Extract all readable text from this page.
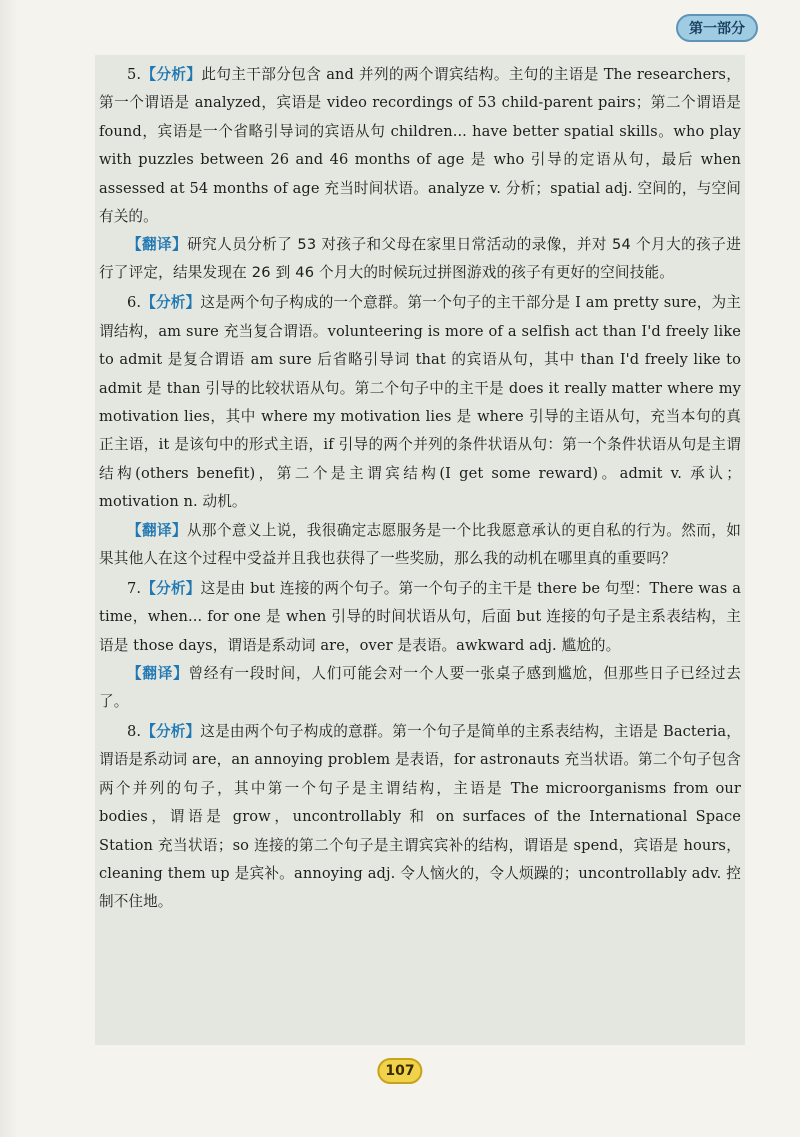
第一部分

5.【分析】此句主干部分包含 and 并列的两个谓宾结构。主句的主语是 The researchers，第一个谓语是 analyzed，宾语是 video recordings of 53 child-parent pairs；第二个谓语是 found，宾语是一个省略引导词的宾语从句 children... have better spatial skills。who play with puzzles between 26 and 46 months of age 是 who 引导的定语从句，最后 when assessed at 54 months of age 充当时间状语。analyze v. 分析；spatial adj. 空间的，与空间有关的。

【翻译】研究人员分析了 53 对孩子和父母在家里日常活动的录像，并对 54 个月大的孩子进行了评定，结果发现在 26 到 46 个月大的时候玩过拼图游戏的孩子有更好的空间技能。

6.【分析】这是两个句子构成的一个意群。第一个句子的主干部分是 I am pretty sure，为主谓结构，am sure 充当复合谓语。volunteering is more of a selfish act than I'd freely like to admit 是复合谓语 am sure 后省略引导词 that 的宾语从句，其中 than I'd freely like to admit 是 than 引导的比较状语从句。第二个句子中的主干是 does it really matter where my motivation lies，其中 where my motivation lies 是 where 引导的主语从句，充当本句的真正主语，it 是该句中的形式主语，if 引导的两个并列的条件状语从句：第一个条件状语从句是主谓结构(others benefit)，第二个是主谓宾结构(I get some reward)。admit v. 承认；motivation n. 动机。

【翻译】从那个意义上说，我很确定志愿服务是一个比我愿意承认的更自私的行为。然而，如果其他人在这个过程中受益并且我也获得了一些奖励，那么我的动机在哪里真的重要吗？

7.【分析】这是由 but 连接的两个句子。第一个句子的主干是 there be 句型：There was a time，when... for one 是 when 引导的时间状语从句，后面 but 连接的句子是主系表结构，主语是 those days，谓语是系动词 are，over 是表语。awkward adj. 尴尬的。

【翻译】曾经有一段时间，人们可能会对一个人要一张桌子感到尴尬，但那些日子已经过去了。

8.【分析】这是由两个句子构成的意群。第一个句子是简单的主系表结构，主语是 Bacteria，谓语是系动词 are，an annoying problem 是表语，for astronauts 充当状语。第二个句子包含两个并列的句子，其中第一个句子是主谓结构，主语是 The microorganisms from our bodies，谓语是 grow，uncontrollably 和 on surfaces of the International Space Station 充当状语；so 连接的第二个句子是主谓宾宾补的结构，谓语是 spend，宾语是 hours，cleaning them up 是宾补。annoying adj. 令人恼火的，令人烦躁的；uncontrollably adv. 控制不住地。

107
